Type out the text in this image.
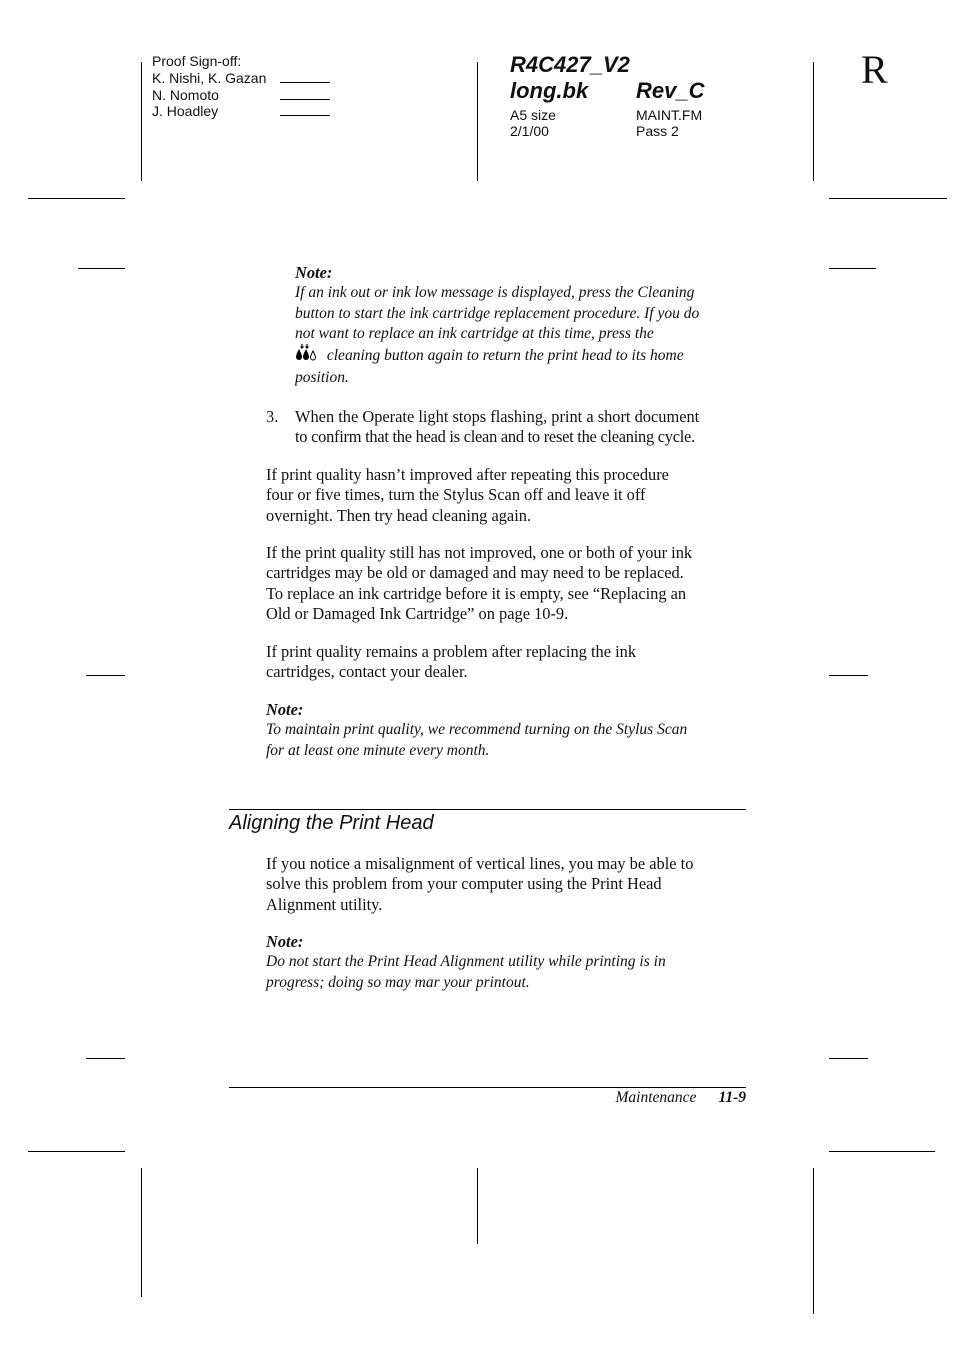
Proof Sign-off:
K. Nishi, K. Gazan
N. Nomoto
J. Hoadley
R4C427_V2
long.bk Rev_C
A5 size
2/1/00
MAINT.FM
Pass 2
R
Note:
If an ink out or ink low message is displayed, press the Cleaning
button to start the ink cartridge replacement procedure. If you do
not want to replace an ink cartridge at this time, press the
cleaning button again to return the print head to its home
position.
3. When the Operate light stops flashing, print a short document
to confirm that the head is clean and to reset the cleaning cycle.
If print quality hasn’t improved after repeating this procedure
four or five times, turn the Stylus Scan off and leave it off
overnight. Then try head cleaning again.
If the print quality still has not improved, one or both of your ink
cartridges may be old or damaged and may need to be replaced.
To replace an ink cartridge before it is empty, see “Replacing an
Old or Damaged Ink Cartridge” on page 10-9.
If print quality remains a problem after replacing the ink
cartridges, contact your dealer.
Note:
To maintain print quality, we recommend turning on the Stylus Scan
for at least one minute every month.
Aligning the Print Head
If you notice a misalignment of vertical lines, you may be able to
solve this problem from your computer using the Print Head
Alignment utility.
Note:
Do not start the Print Head Alignment utility while printing is in
progress; doing so may mar your printout.
Maintenance 11-9
